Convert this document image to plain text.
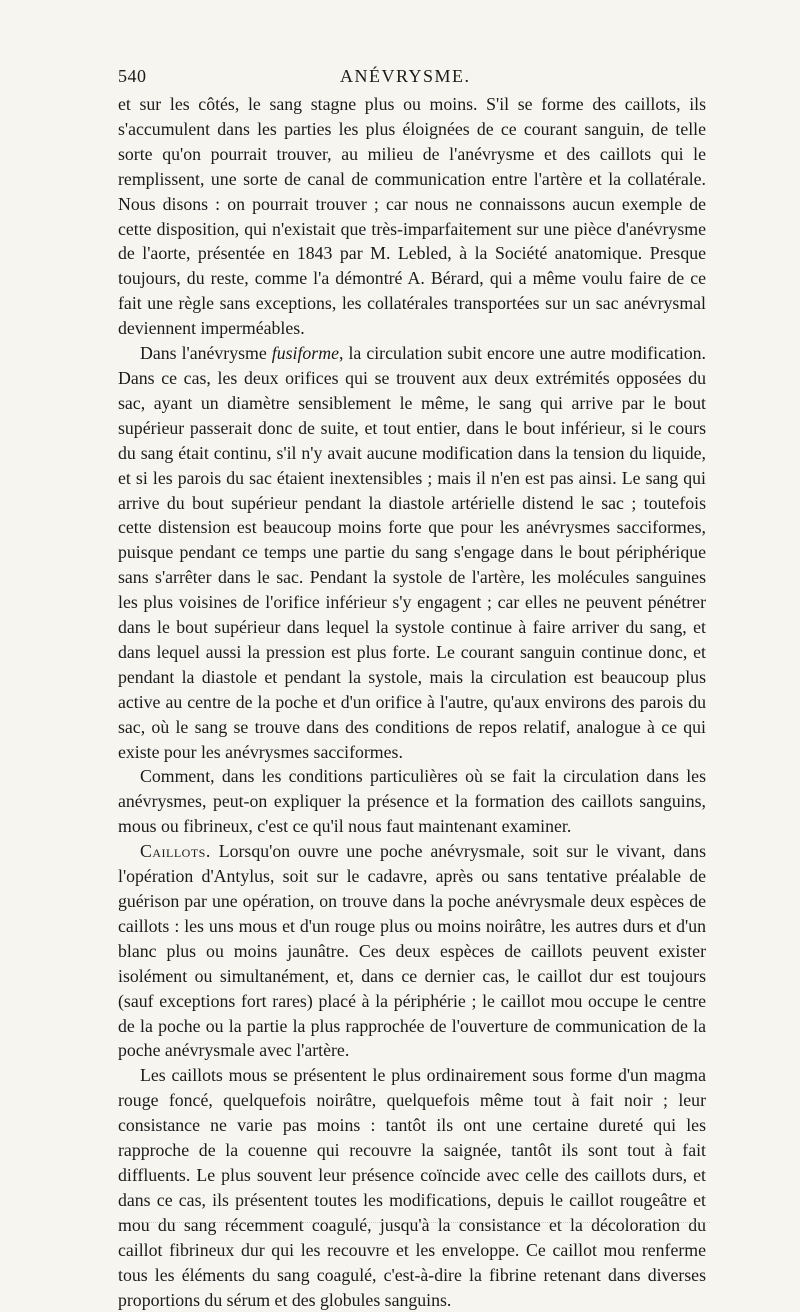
540	ANÉVRYSME.

et sur les côtés, le sang stagne plus ou moins. S'il se forme des caillots, ils s'accumulent dans les parties les plus éloignées de ce courant sanguin, de telle sorte qu'on pourrait trouver, au milieu de l'anévrysme et des caillots qui le remplissent, une sorte de canal de communication entre l'artère et la collatérale. Nous disons : on pourrait trouver ; car nous ne connaissons aucun exemple de cette disposition, qui n'existait que très-imparfaitement sur une pièce d'anévrysme de l'aorte, présentée en 1843 par M. Lebled, à la Société anatomique. Presque toujours, du reste, comme l'a démontré A. Bérard, qui a même voulu faire de ce fait une règle sans exceptions, les collatérales transportées sur un sac anévrysmal deviennent imperméables.

Dans l'anévrysme fusiforme, la circulation subit encore une autre modification. Dans ce cas, les deux orifices qui se trouvent aux deux extrémités opposées du sac, ayant un diamètre sensiblement le même, le sang qui arrive par le bout supérieur passerait donc de suite, et tout entier, dans le bout inférieur, si le cours du sang était continu, s'il n'y avait aucune modification dans la tension du liquide, et si les parois du sac étaient inextensibles ; mais il n'en est pas ainsi. Le sang qui arrive du bout supérieur pendant la diastole artérielle distend le sac ; toutefois cette distension est beaucoup moins forte que pour les anévrysmes sacciformes, puisque pendant ce temps une partie du sang s'engage dans le bout périphérique sans s'arrêter dans le sac. Pendant la systole de l'artère, les molécules sanguines les plus voisines de l'orifice inférieur s'y engagent ; car elles ne peuvent pénétrer dans le bout supérieur dans lequel la systole continue à faire arriver du sang, et dans lequel aussi la pression est plus forte. Le courant sanguin continue donc, et pendant la diastole et pendant la systole, mais la circulation est beaucoup plus active au centre de la poche et d'un orifice à l'autre, qu'aux environs des parois du sac, où le sang se trouve dans des conditions de repos relatif, analogue à ce qui existe pour les anévrysmes sacciformes.

Comment, dans les conditions particulières où se fait la circulation dans les anévrysmes, peut-on expliquer la présence et la formation des caillots sanguins, mous ou fibrineux, c'est ce qu'il nous faut maintenant examiner.

Caillots. Lorsqu'on ouvre une poche anévrysmale, soit sur le vivant, dans l'opération d'Antylus, soit sur le cadavre, après ou sans tentative préalable de guérison par une opération, on trouve dans la poche anévrysmale deux espèces de caillots : les uns mous et d'un rouge plus ou moins noirâtre, les autres durs et d'un blanc plus ou moins jaunâtre. Ces deux espèces de caillots peuvent exister isolément ou simultanément, et, dans ce dernier cas, le caillot dur est toujours (sauf exceptions fort rares) placé à la périphérie ; le caillot mou occupe le centre de la poche ou la partie la plus rapprochée de l'ouverture de communication de la poche anévrysmale avec l'artère.

Les caillots mous se présentent le plus ordinairement sous forme d'un magma rouge foncé, quelquefois noirâtre, quelquefois même tout à fait noir ; leur consistance ne varie pas moins : tantôt ils ont une certaine dureté qui les rapproche de la couenne qui recouvre la saignée, tantôt ils sont tout à fait diffluents. Le plus souvent leur présence coïncide avec celle des caillots durs, et dans ce cas, ils présentent toutes les modifications, depuis le caillot rougeâtre et mou du sang récemment coagulé, jusqu'à la consistance et la décoloration du caillot fibrineux dur qui les recouvre et les enveloppe. Ce caillot mou renferme tous les éléments du sang coagulé, c'est-à-dire la fibrine retenant dans diverses proportions du sérum et des globules sanguins.
